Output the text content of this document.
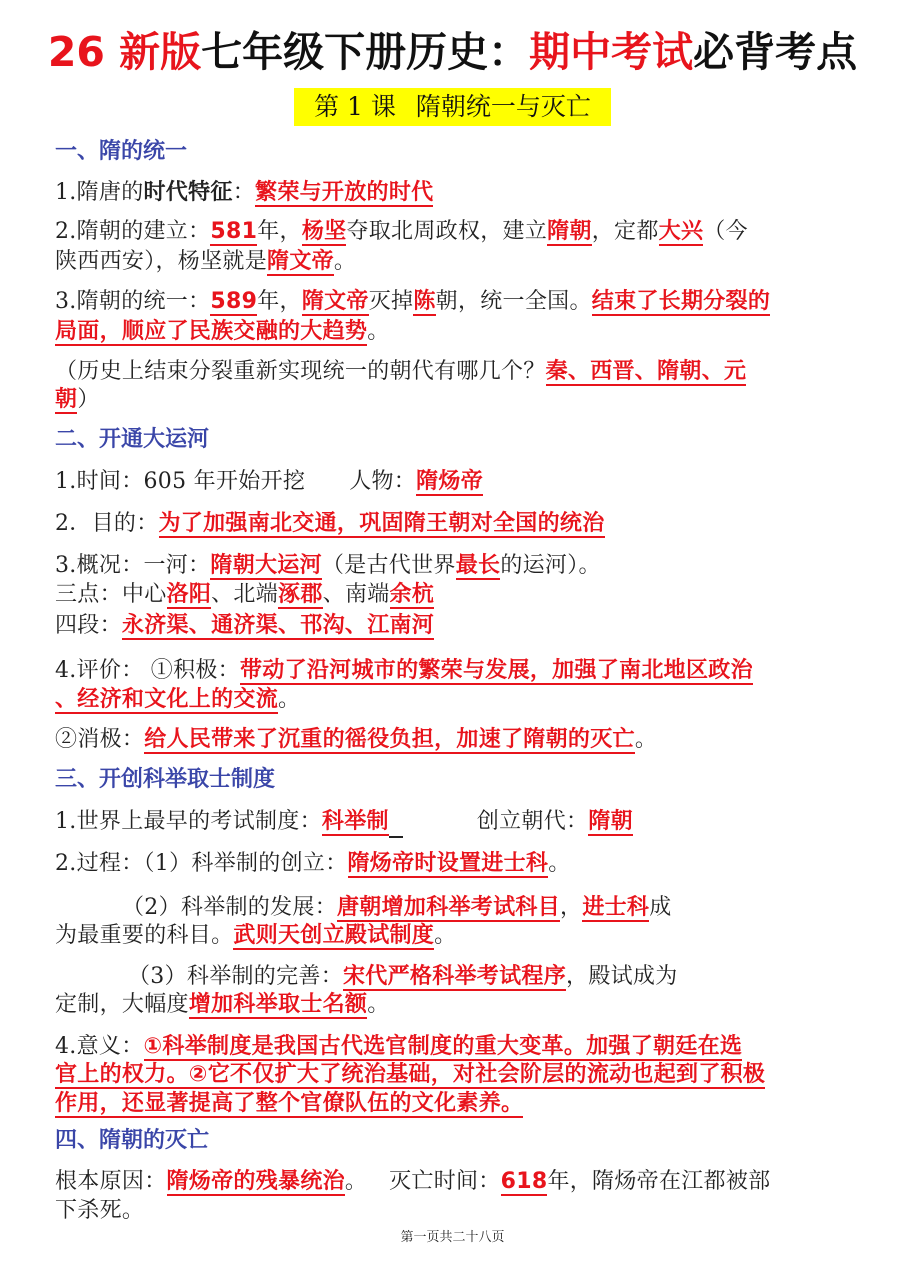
26 新版七年级下册历史：期中考试必背考点
第 1 课 隋朝统一与灭亡
一、隋的统一
1.隋唐的时代特征：繁荣与开放的时代
2.隋朝的建立：581年，杨坚夺取北周政权，建立隋朝，定都大兴（今
陕西西安），杨坚就是隋文帝。
3.隋朝的统一：589年，隋文帝灭掉陈朝，统一全国。结束了长期分裂的
局面，顺应了民族交融的大趋势。
（历史上结束分裂重新实现统一的朝代有哪几个？秦、西晋、隋朝、元
朝）
二、开通大运河
1.时间：605 年开始开挖 人物：隋炀帝
2．目的：为了加强南北交通，巩固隋王朝对全国的统治
3.概况：一河：隋朝大运河（是古代世界最长的运河）。
三点：中心洛阳、北端涿郡、南端余杭
四段：永济渠、通济渠、邗沟、江南河
4.评价： ①积极：带动了沿河城市的繁荣与发展，加强了南北地区政治
、经济和文化上的交流。
②消极：给人民带来了沉重的徭役负担，加速了隋朝的灭亡。
三、开创科举取士制度
1.世界上最早的考试制度：科举制	创立朝代：隋朝
2.过程：（1）科举制的创立：隋炀帝时设置进士科。
（2）科举制的发展：唐朝增加科举考试科目，进士科成
为最重要的科目。武则天创立殿试制度。
（3）科举制的完善：宋代严格科举考试程序，殿试成为
定制，大幅度增加科举取士名额。
4.意义：①科举制度是我国古代选官制度的重大变革。加强了朝廷在选
官上的权力。②它不仅扩大了统治基础，对社会阶层的流动也起到了积极
作用，还显著提高了整个官僚队伍的文化素养。
四、隋朝的灭亡
根本原因：隋炀帝的残暴统治。   灭亡时间：618年，隋炀帝在江都被部
下杀死。
第一页共二十八页
